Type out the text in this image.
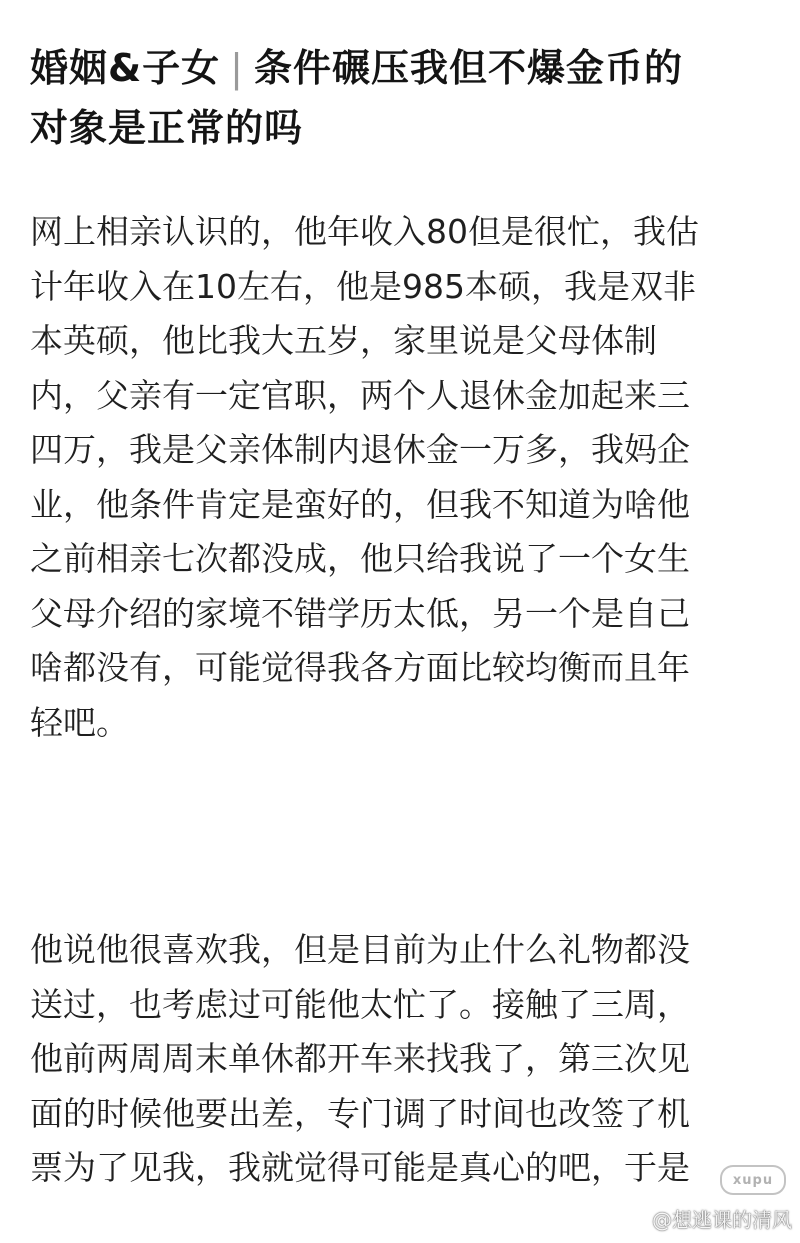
婚姻&子女 | 条件碾压我但不爆金币的
对象是正常的吗
网上相亲认识的，他年收入80但是很忙，我估
计年收入在10左右，他是985本硕，我是双非
本英硕，他比我大五岁，家里说是父母体制
内，父亲有一定官职，两个人退休金加起来三
四万，我是父亲体制内退休金一万多，我妈企
业，他条件肯定是蛮好的，但我不知道为啥他
之前相亲七次都没成，他只给我说了一个女生
父母介绍的家境不错学历太低，另一个是自己
啥都没有，可能觉得我各方面比较均衡而且年
轻吧。
他说他很喜欢我，但是目前为止什么礼物都没
送过，也考虑过可能他太忙了。接触了三周，
他前两周周末单休都开车来找我了，第三次见
面的时候他要出差，专门调了时间也改签了机
票为了见我，我就觉得可能是真心的吧，于是	xupu
@想逃课的清风
